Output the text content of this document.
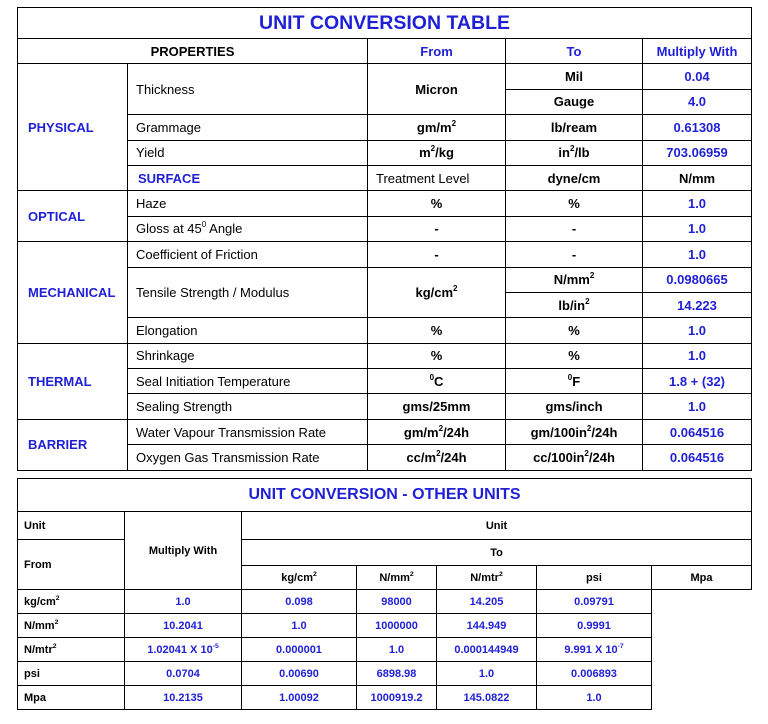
UNIT CONVERSION TABLE					
PROPERTIES		From	To	Multiply With	
PHYSICAL	Thickness	Micron	Mil	0.04	
			Gauge	4.0	
	Grammage	$gm/m^2$	lb/ream	0.61308	
	Yield	$m^2/kg$	$in^2/lb$	703.06959	
	SURFACE	Treatment Level	dyne/cm	N/mm	
OPTICAL	Haze	%	%	1.0	
	Gloss at $45^0$ Angle	-	-	1.0	
MECHANICAL	Coefficient of Friction	-	-	1.0	
	Tensile Strength / Modulus	$kg/cm^2$	$N/mm^2$	0.0980665	
			$lb/in^2$	14.223	
	Elongation	%	%	1.0	
THERMAL	Shrinkage	%	%	1.0	
	Seal Initiation Temperature	$^0$C	$^0$F	1.8 + (32)	
	Sealing Strength	gms/25mm	gms/inch	1.0	
BARRIER	Water Vapour Transmission Rate	$gm/m^2/24h$	$gm/100in^2/24h$	0.064516	
	Oxygen Gas Transmission Rate	$cc/m^2/24h$	$cc/100in^2/24h$	0.064516	
UNIT CONVERSION - OTHER UNITS						
Unit	Multiply With	Unit				
From		To				
		$kg/cm^2$	$N/mm^2$	N/mtr$^2$	psi	Mpa
$kg/cm^2$	1.0	0.098	98000	14.205	0.09791	
$N/mm^2$	10.2041	1.0	1000000	144.949	0.9991	
N/mtr$^2$	1.02041 X $10^{-5}$	0.000001	1.0	0.000144949	9.991 X $10^{-7}$
psi	0.0704	0.00690	6898.98	1.0	0.006893	
Mpa	10.2135	1.00092	1000919.2	145.0822	1.0	
